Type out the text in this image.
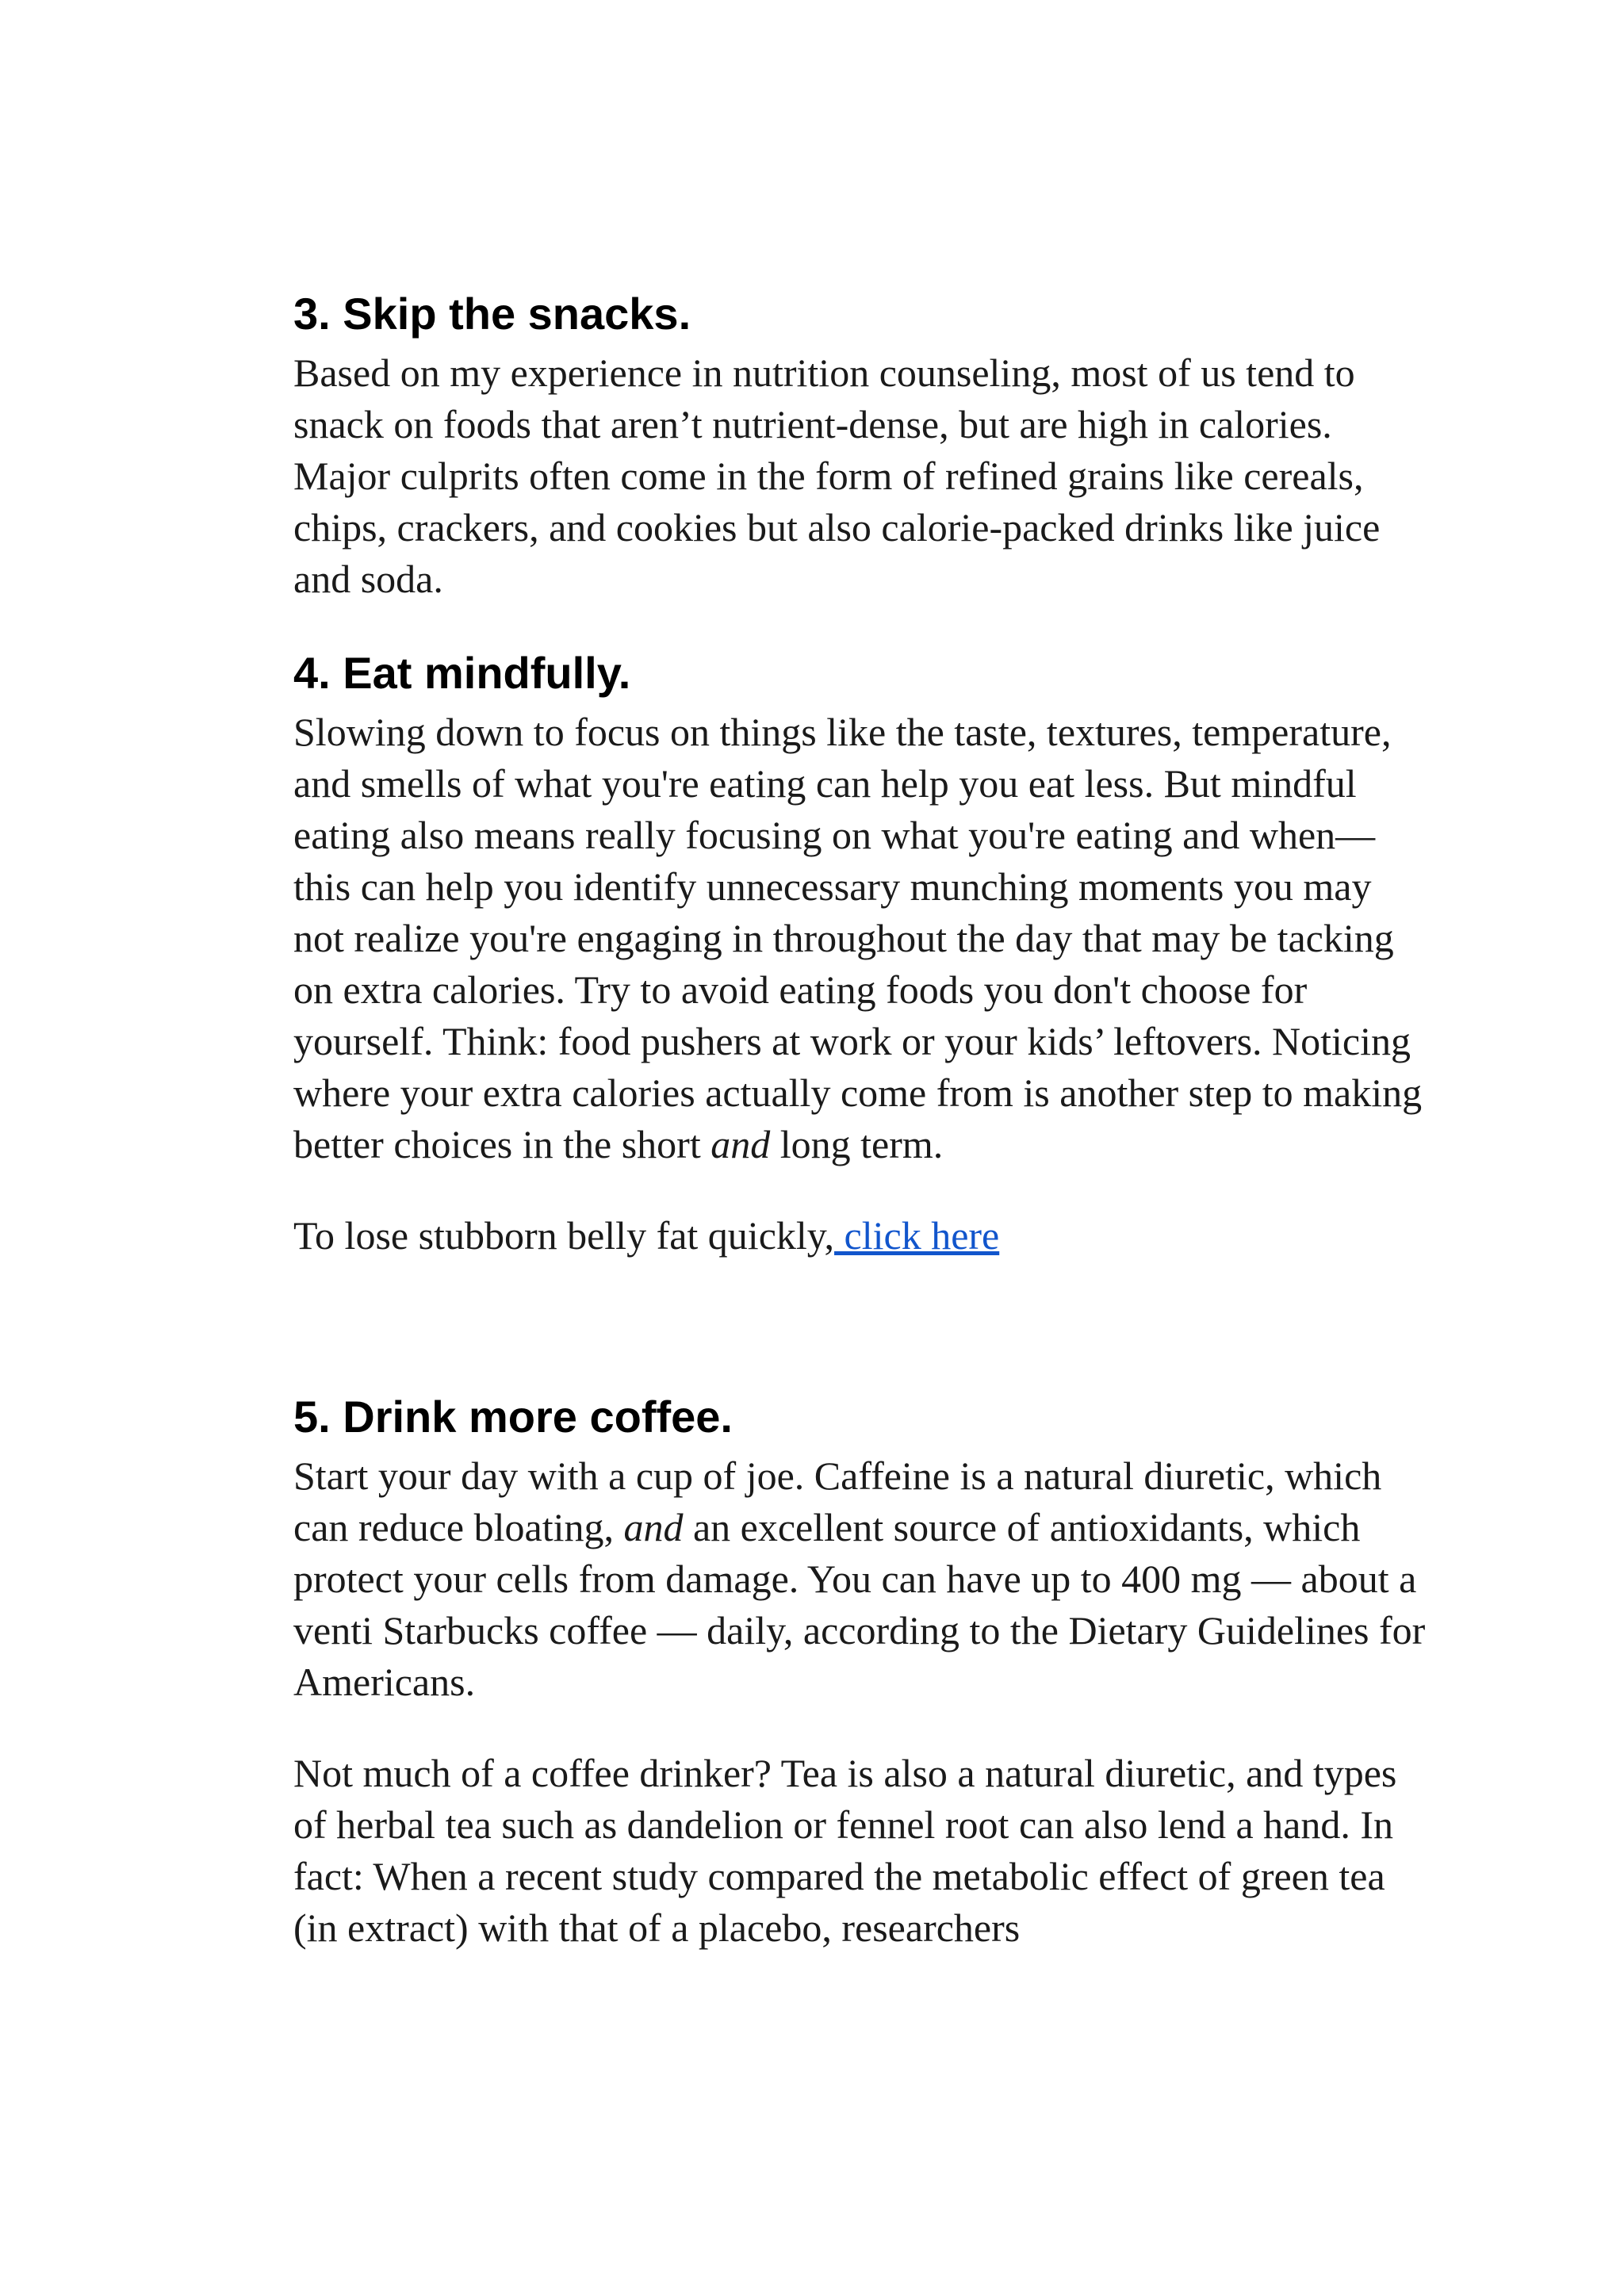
3. Skip the snacks.

Based on my experience in nutrition counseling, most of us tend to snack on foods that aren’t nutrient-dense, but are high in calories. Major culprits often come in the form of refined grains like cereals, chips, crackers, and cookies but also calorie-packed drinks like juice and soda.

4. Eat mindfully.

Slowing down to focus on things like the taste, textures, temperature, and smells of what you're eating can help you eat less. But mindful eating also means really focusing on what you're eating and when—this can help you identify unnecessary munching moments you may not realize you're engaging in throughout the day that may be tacking on extra calories. Try to avoid eating foods you don't choose for yourself. Think: food pushers at work or your kids’ leftovers. Noticing where your extra calories actually come from is another step to making better choices in the short and long term.

To lose stubborn belly fat quickly, click here

5. Drink more coffee.

Start your day with a cup of joe. Caffeine is a natural diuretic, which can reduce bloating, and an excellent source of antioxidants, which protect your cells from damage. You can have up to 400 mg — about a venti Starbucks coffee — daily, according to the Dietary Guidelines for Americans.

Not much of a coffee drinker? Tea is also a natural diuretic, and types of herbal tea such as dandelion or fennel root can also lend a hand. In fact: When a recent study compared the metabolic effect of green tea (in extract) with that of a placebo, researchers
